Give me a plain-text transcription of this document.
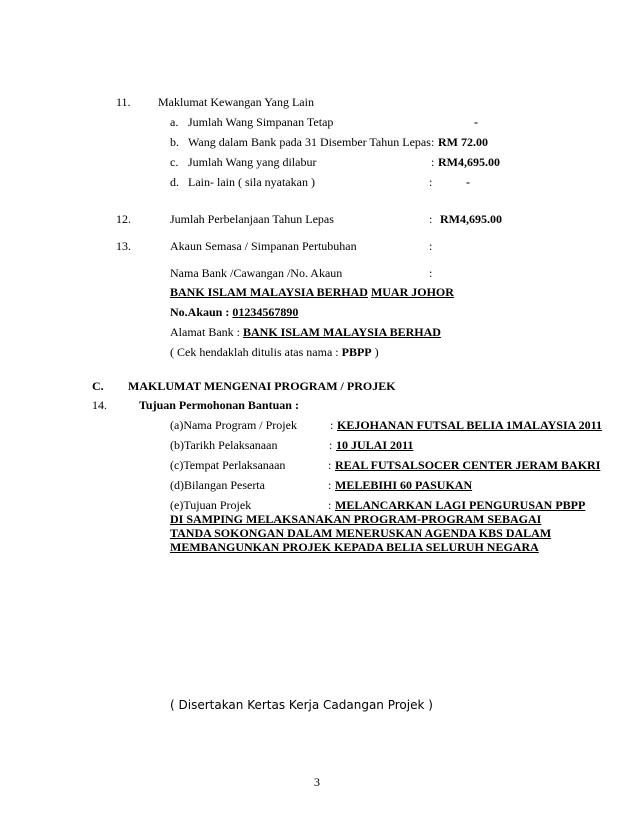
11. Maklumat Kewangan Yang Lain
a. Jumlah Wang Simpanan Tetap	-
b. Wang dalam Bank pada 31 Disember Tahun Lepas : RM 72.00
c. Jumlah Wang yang dilabur	: RM4,695.00
d. Lain- lain ( sila nyatakan )	:	-
12.	Jumlah Perbelanjaan Tahun Lepas	: RM4,695.00
13.	Akaun Semasa / Simpanan Pertubuhan	:
Nama Bank /Cawangan /No. Akaun	:
BANK ISLAM MALAYSIA BERHAD MUAR JOHOR
No.Akaun : 01234567890
Alamat Bank : BANK ISLAM MALAYSIA BERHAD
( Cek hendaklah ditulis atas nama : PBPP )
C. MAKLUMAT MENGENAI PROGRAM / PROJEK
14.	Tujuan Permohonan Bantuan :
(a)Nama Program / Projek	: KEJOHANAN FUTSAL BELIA 1MALAYSIA 2011
(b)Tarikh Pelaksanaan	: 10 JULAI 2011
(c)Tempat Perlaksanaan	: REAL FUTSALSOCER CENTER JERAM BAKRI
(d)Bilangan Peserta	: MELEBIHI 60 PASUKAN
(e)Tujuan Projek	: MELANCARKAN LAGI PENGURUSAN PBPP
DI SAMPING MELAKSANAKAN PROGRAM-PROGRAM SEBAGAI
TANDA SOKONGAN DALAM MENERUSKAN AGENDA KBS DALAM
MEMBANGUNKAN PROJEK KEPADA BELIA SELURUH NEGARA
( Disertakan Kertas Kerja Cadangan Projek )
3
